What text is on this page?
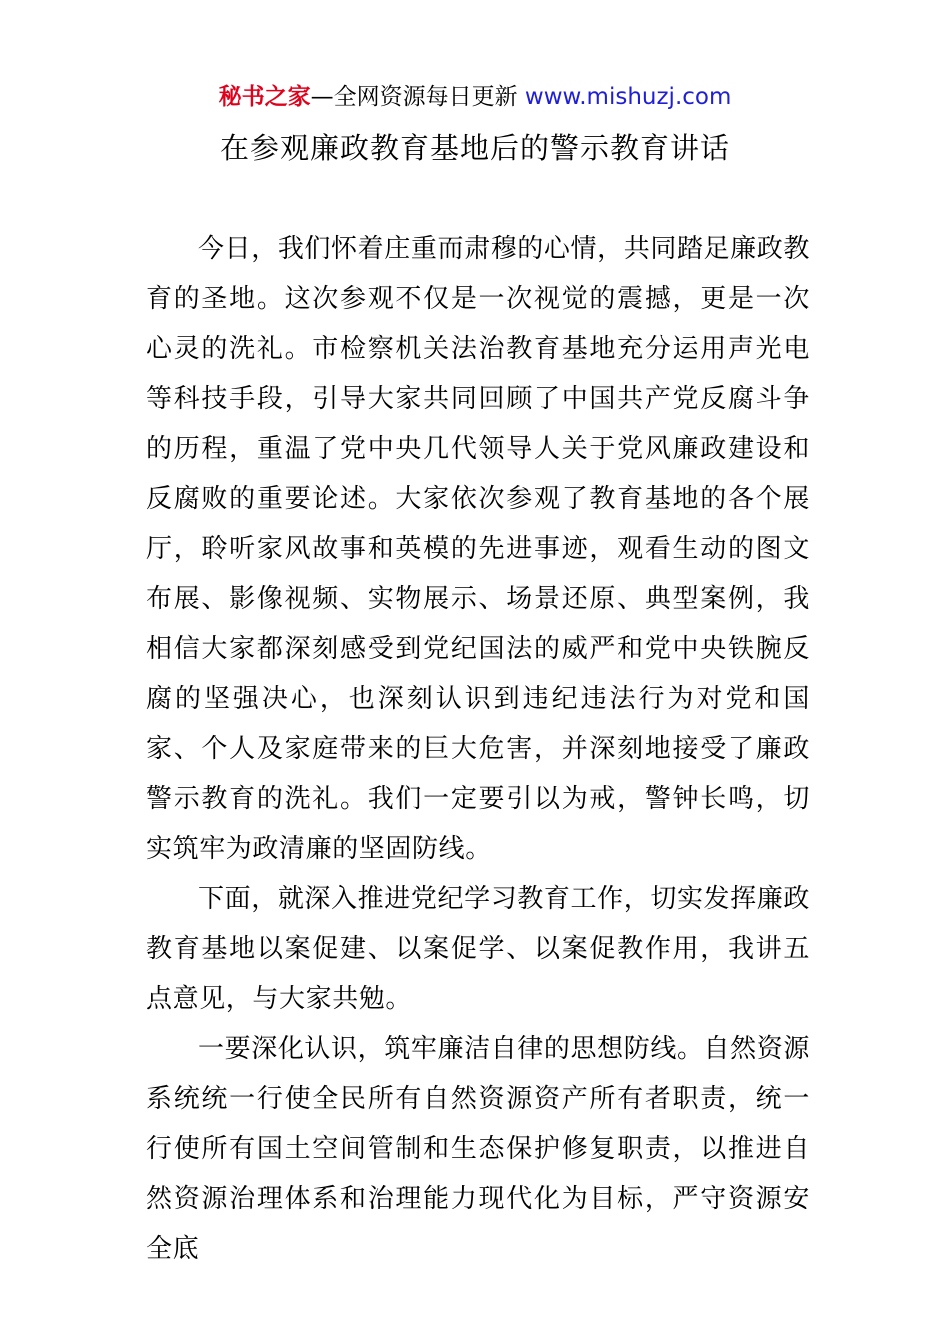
秘书之家—全网资源每日更新 www.mishuzj.com
在参观廉政教育基地后的警示教育讲话

今日，我们怀着庄重而肃穆的心情，共同踏足廉政教育的圣地。这次参观不仅是一次视觉的震撼，更是一次心灵的洗礼。市检察机关法治教育基地充分运用声光电等科技手段，引导大家共同回顾了中国共产党反腐斗争的历程，重温了党中央几代领导人关于党风廉政建设和反腐败的重要论述。大家依次参观了教育基地的各个展厅，聆听家风故事和英模的先进事迹，观看生动的图文布展、影像视频、实物展示、场景还原、典型案例，我相信大家都深刻感受到党纪国法的威严和党中央铁腕反腐的坚强决心，也深刻认识到违纪违法行为对党和国家、个人及家庭带来的巨大危害，并深刻地接受了廉政警示教育的洗礼。我们一定要引以为戒，警钟长鸣，切实筑牢为政清廉的坚固防线。

下面，就深入推进党纪学习教育工作，切实发挥廉政教育基地以案促建、以案促学、以案促教作用，我讲五点意见，与大家共勉。

一要深化认识，筑牢廉洁自律的思想防线。自然资源系统统一行使全民所有自然资源资产所有者职责，统一行使所有国土空间管制和生态保护修复职责，以推进自然资源治理体系和治理能力现代化为目标，严守资源安全底
